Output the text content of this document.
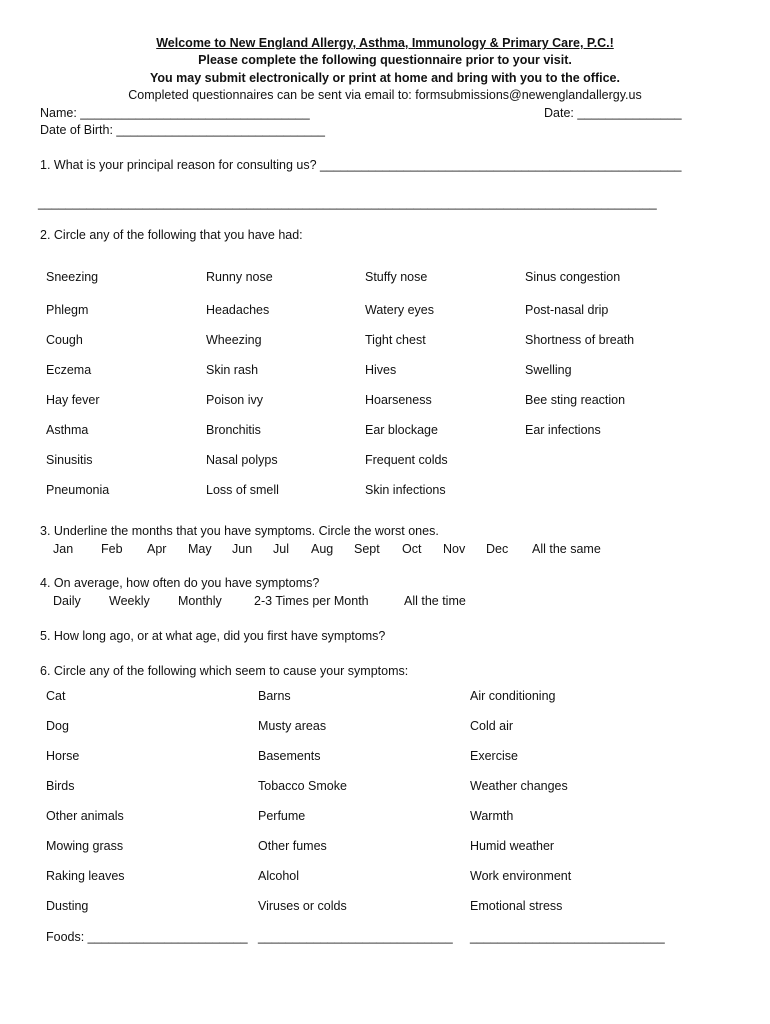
Welcome to New England Allergy, Asthma, Immunology & Primary Care, P.C.!
Please complete the following questionnaire prior to your visit.
You may submit electronically or print at home and bring with you to the office.
Completed questionnaires can be sent via email to: formsubmissions@newenglandallergy.us
Name: _________________________________	Date: _______________
Date of Birth: ______________________________
1. What is your principal reason for consulting us? ____________________________________________________
_________________________________________________________________________________________
2. Circle any of the following that you have had:
Sneezing	Runny nose	Stuffy nose	Sinus congestion
Phlegm	Headaches	Watery eyes	Post-nasal drip
Cough	Wheezing	Tight chest	Shortness of breath
Eczema	Skin rash	Hives	Swelling
Hay fever	Poison ivy	Hoarseness	Bee sting reaction
Asthma	Bronchitis	Ear blockage	Ear infections
Sinusitis	Nasal polyps	Frequent colds
Pneumonia	Loss of smell	Skin infections
3. Underline the months that you have symptoms. Circle the worst ones.
Jan Feb Apr May Jun Jul Aug Sept Oct Nov Dec All the same
4. On average, how often do you have symptoms?
Daily Weekly Monthly	2-3 Times per Month	All the time
5. How long ago, or at what age, did you first have symptoms?
6. Circle any of the following which seem to cause your symptoms:
Cat	Barns	Air conditioning
Dog	Musty areas	Cold air
Horse	Basements	Exercise
Birds	Tobacco Smoke	Weather changes
Other animals	Perfume	Warmth
Mowing grass	Other fumes	Humid weather
Raking leaves	Alcohol	Work environment
Dusting	Viruses or colds	Emotional stress
Foods: _______________________ ____________________________ ____________________________
